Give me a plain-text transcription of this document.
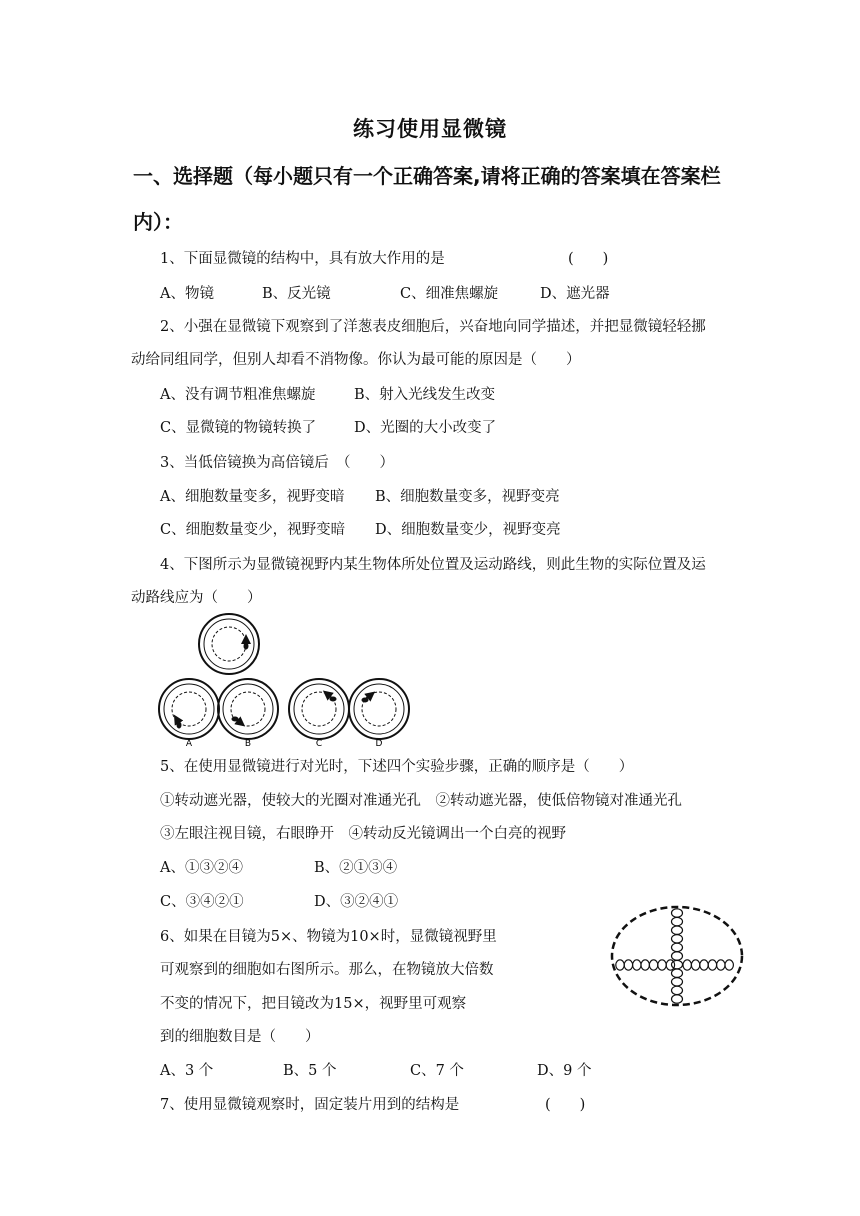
练习使用显微镜
一、选择题（每小题只有一个正确答案,请将正确的答案填在答案栏
内）：
1、下面显微镜的结构中，具有放大作用的是	(　　)
A、物镜	B、反光镜	C、细准焦螺旋	D、遮光器
2、小强在显微镜下观察到了洋葱表皮细胞后，兴奋地向同学描述，并把显微镜轻轻挪
动给同组同学，但别人却看不消物像。你认为最可能的原因是（　　）
A、没有调节粗准焦螺旋	B、射入光线发生改变
C、显微镜的物镜转换了	D、光圈的大小改变了
3、当低倍镜换为高倍镜后　（　　）
A、细胞数量变多，视野变暗 B、细胞数量变多，视野变亮
C、细胞数量变少，视野变暗 D、细胞数量变少，视野变亮
4、下图所示为显微镜视野内某生物体所处位置及运动路线，则此生物的实际位置及运
动路线应为（　　）
A	B	C	D
5、在使用显微镜进行对光时，下述四个实验步骤，正确的顺序是（　　）
①转动遮光器，使较大的光圈对准通光孔　②转动遮光器，使低倍物镜对准通光孔
③左眼注视目镜，右眼睁开　④转动反光镜调出一个白亮的视野
A、①③②④	B、②①③④
C、③④②①	D、③②④①
6、如果在目镜为5×、物镜为10×时，显微镜视野里
可观察到的细胞如右图所示。那么，在物镜放大倍数
不变的情况下，把目镜改为15×，视野里可观察
到的细胞数目是（　　）
A、3 个	B、5 个	C、7 个	D、9 个
7、使用显微镜观察时，固定装片用到的结构是	(　　)
